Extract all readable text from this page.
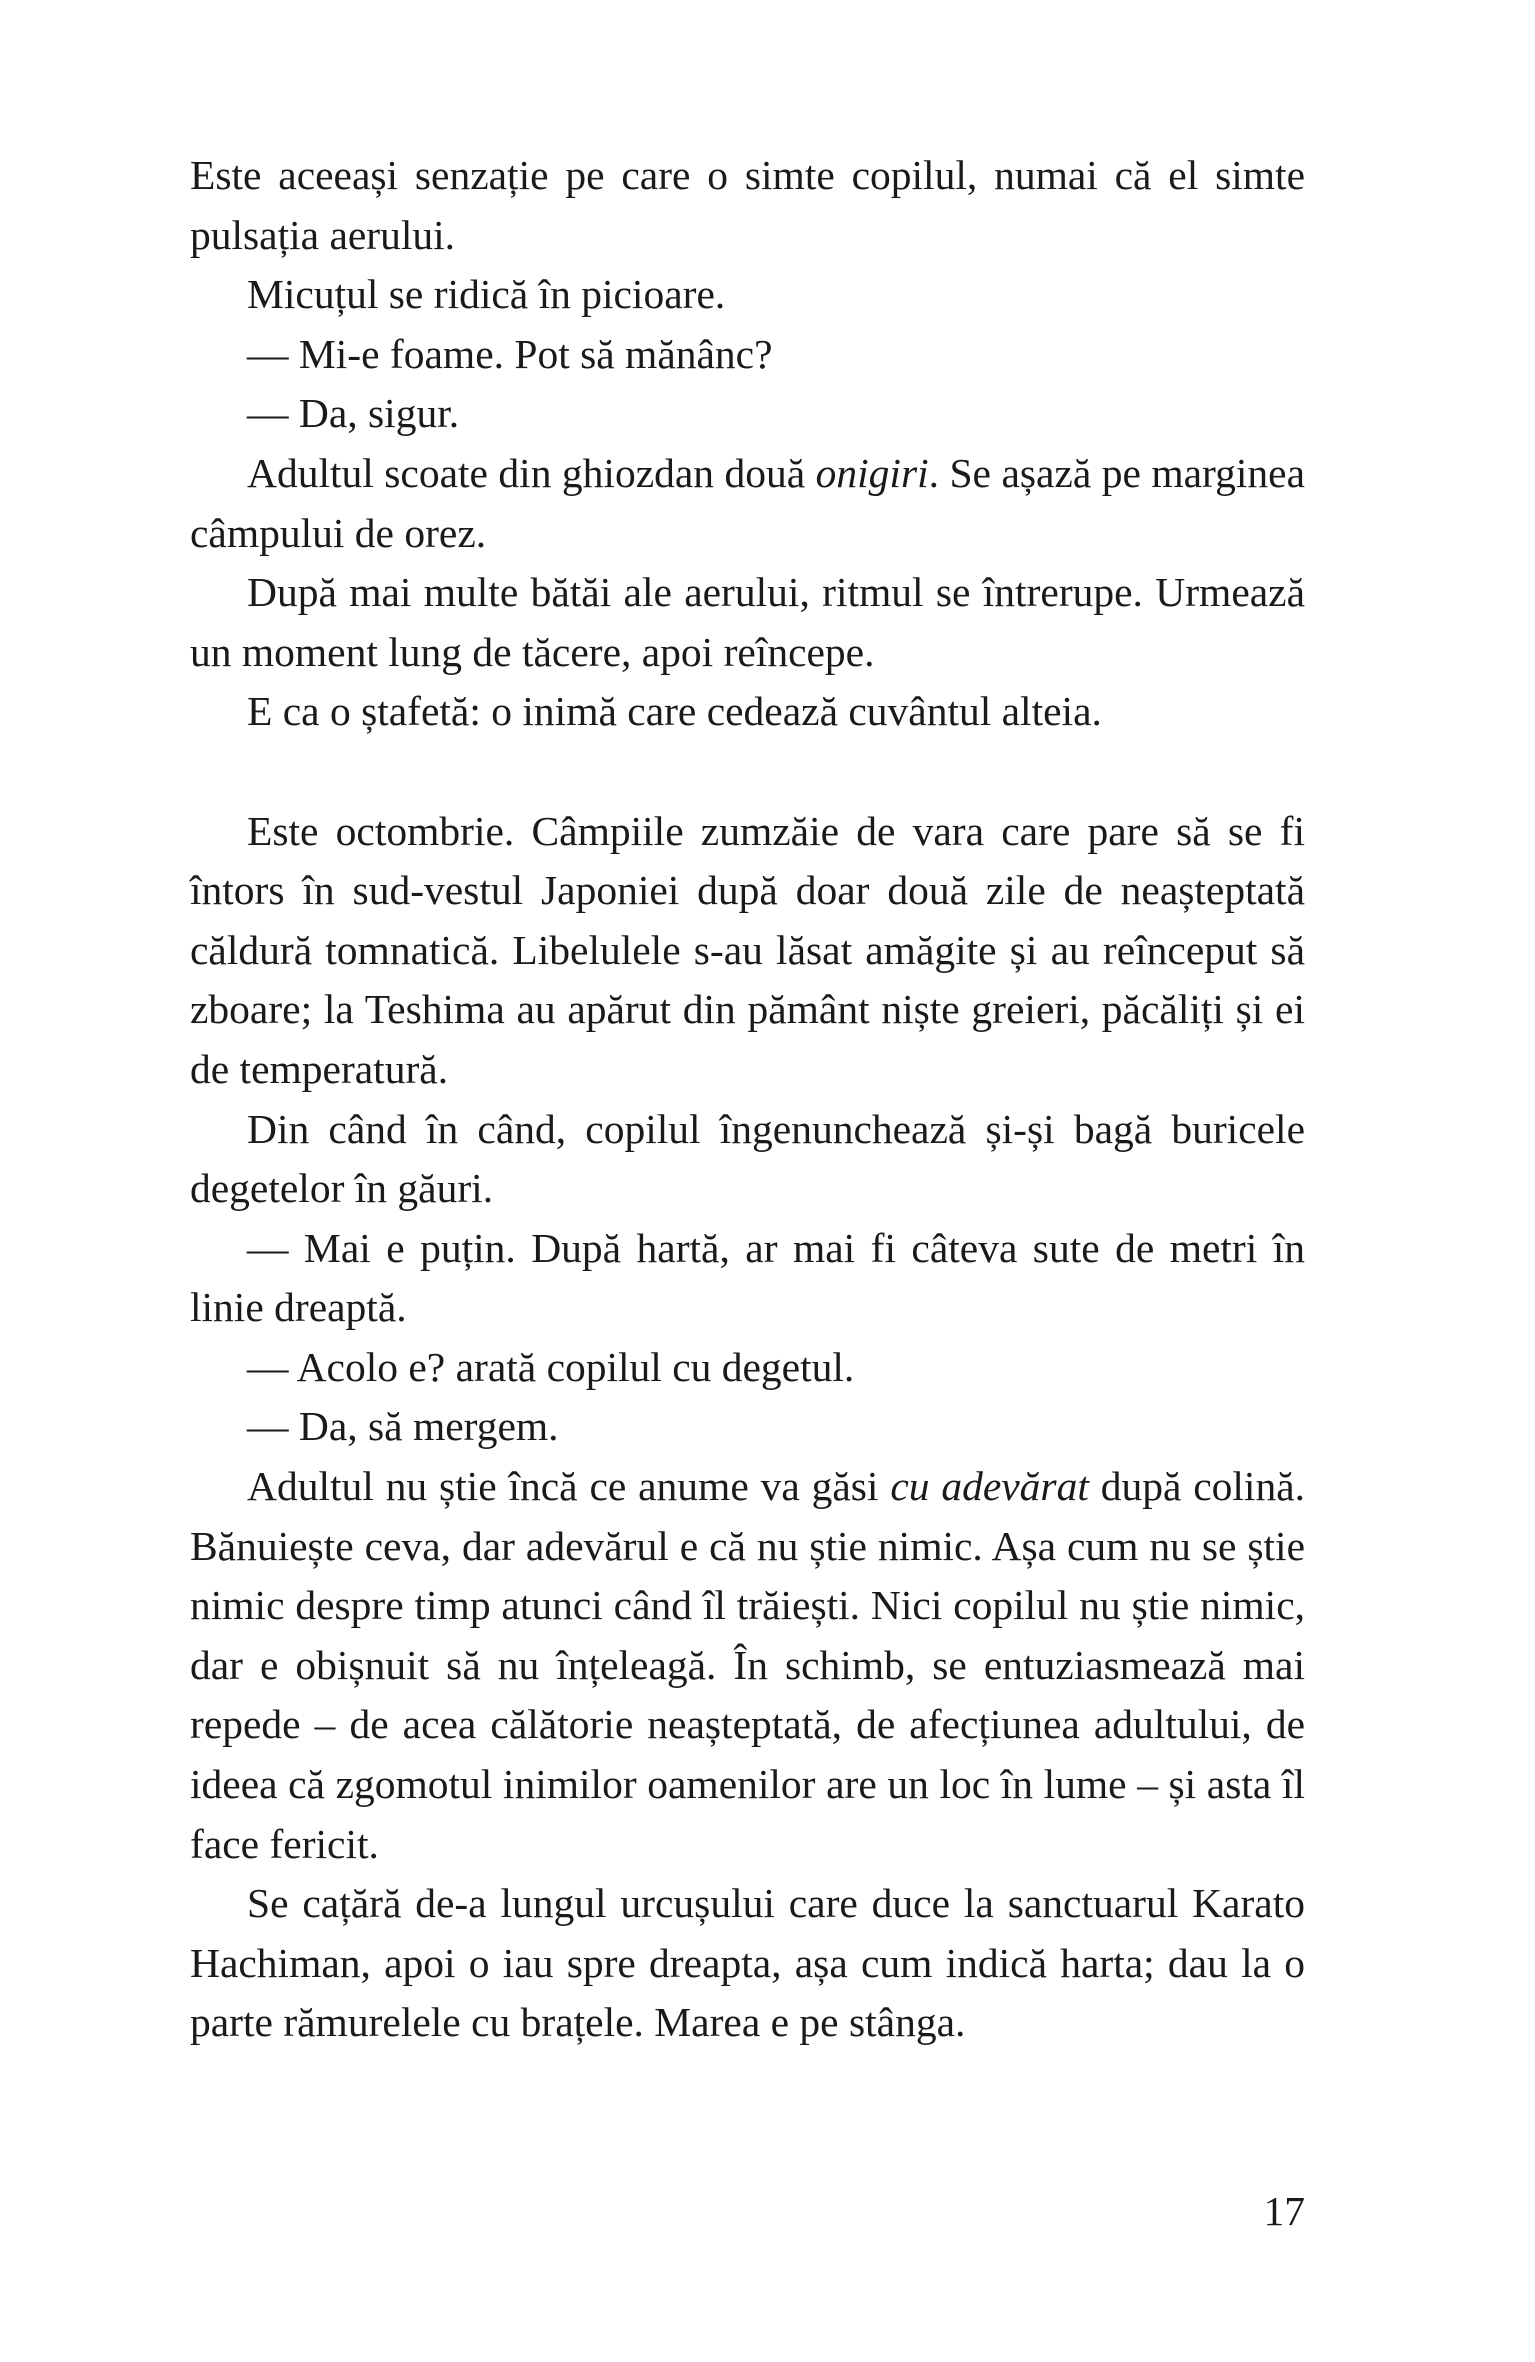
Este aceeași senzație pe care o simte copilul, numai că el simte pulsația aerului.

Micuțul se ridică în picioare.

— Mi-e foame. Pot să mănânc?

— Da, sigur.

Adultul scoate din ghiozdan două onigiri. Se așază pe marginea câmpului de orez.

După mai multe bătăi ale aerului, ritmul se întrerupe. Urmează un moment lung de tăcere, apoi reîncepe.

E ca o ștafetă: o inimă care cedează cuvântul alteia.

Este octombrie. Câmpiile zumzăie de vara care pare să se fi întors în sud-vestul Japoniei după doar două zile de neașteptată căldură tomnatică. Libelulele s-au lăsat amăgite și au reînceput să zboare; la Teshima au apărut din pământ niște greieri, păcăliți și ei de temperatură.

Din când în când, copilul îngenunchează și-și bagă buricele degetelor în găuri.

— Mai e puțin. După hartă, ar mai fi câteva sute de metri în linie dreaptă.

— Acolo e? arată copilul cu degetul.

— Da, să mergem.

Adultul nu știe încă ce anume va găsi cu adevărat după colină. Bănuiește ceva, dar adevărul e că nu știe nimic. Așa cum nu se știe nimic despre timp atunci când îl trăiești. Nici copilul nu știe nimic, dar e obișnuit să nu înțeleagă. În schimb, se entuziasmează mai repede – de acea călătorie neașteptată, de afecțiunea adultului, de ideea că zgomotul inimilor oamenilor are un loc în lume – și asta îl face fericit.

Se cațără de-a lungul urcușului care duce la sanctuarul Karato Hachiman, apoi o iau spre dreapta, așa cum indică harta; dau la o parte rămurelele cu brațele. Marea e pe stânga.

17
